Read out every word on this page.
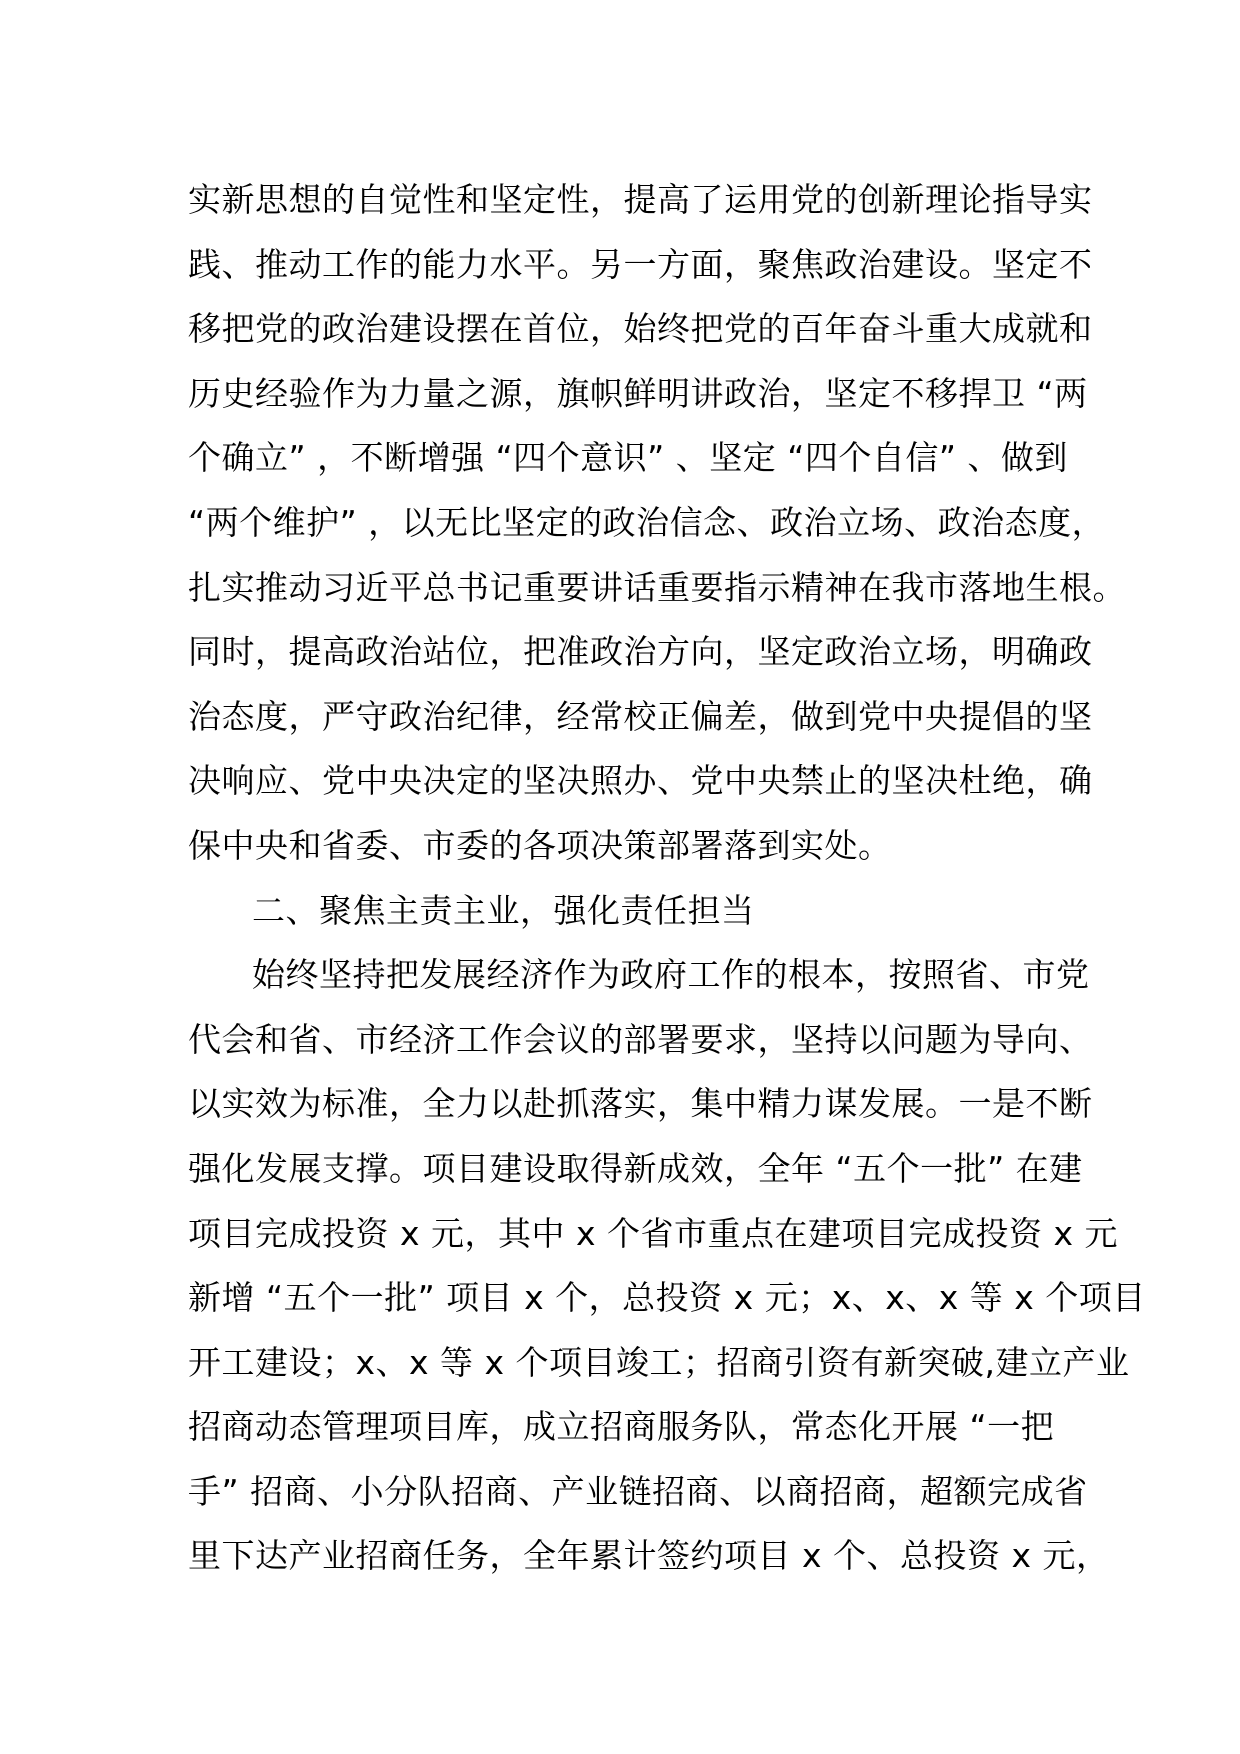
实新思想的自觉性和坚定性，提高了运用党的创新理论指导实
践、推动工作的能力水平。另一方面，聚焦政治建设。坚定不
移把党的政治建设摆在首位，始终把党的百年奋斗重大成就和
历史经验作为力量之源，旗帜鲜明讲政治，坚定不移捍卫 “两
个确立” ，不断增强 “四个意识” 、坚定 “四个自信” 、做到
“两个维护” ，以无比坚定的政治信念、政治立场、政治态度，
扎实推动习近平总书记重要讲话重要指示精神在我市落地生根。
同时，提高政治站位，把准政治方向，坚定政治立场，明确政
治态度，严守政治纪律，经常校正偏差，做到党中央提倡的坚
决响应、党中央决定的坚决照办、党中央禁止的坚决杜绝，确
保中央和省委、市委的各项决策部署落到实处。
二、聚焦主责主业，强化责任担当
始终坚持把发展经济作为政府工作的根本，按照省、市党
代会和省、市经济工作会议的部署要求，坚持以问题为导向、
以实效为标准，全力以赴抓落实，集中精力谋发展。一是不断
强化发展支撑。项目建设取得新成效，全年 “五个一批” 在建
项目完成投资 x 元，其中 x 个省市重点在建项目完成投资 x 元
新增 “五个一批” 项目 x 个，总投资 x 元；x、x、x 等 x 个项目
开工建设；x、x 等 x 个项目竣工；招商引资有新突破,建立产业
招商动态管理项目库，成立招商服务队，常态化开展 “一把
手” 招商、小分队招商、产业链招商、以商招商，超额完成省
里下达产业招商任务，全年累计签约项目 x 个、总投资 x 元，
